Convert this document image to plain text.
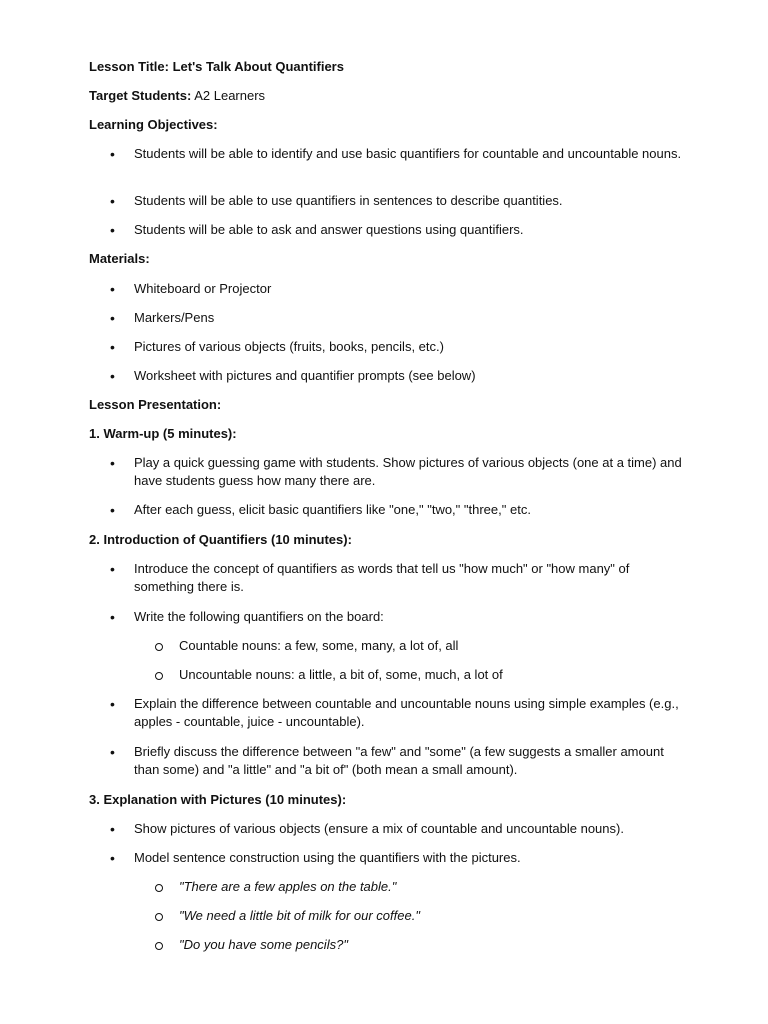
Lesson Title: Let's Talk About Quantifiers
Target Students: A2 Learners
Learning Objectives:
• Students will be able to identify and use basic quantifiers for countable and uncountable nouns.
• Students will be able to use quantifiers in sentences to describe quantities.
• Students will be able to ask and answer questions using quantifiers.
Materials:
• Whiteboard or Projector
• Markers/Pens
• Pictures of various objects (fruits, books, pencils, etc.)
• Worksheet with pictures and quantifier prompts (see below)
Lesson Presentation:
1. Warm-up (5 minutes):
• Play a quick guessing game with students. Show pictures of various objects (one at a time) and have students guess how many there are.
• After each guess, elicit basic quantifiers like "one," "two," "three," etc.
2. Introduction of Quantifiers (10 minutes):
• Introduce the concept of quantifiers as words that tell us "how much" or "how many" of something there is.
• Write the following quantifiers on the board:
Countable nouns: a few, some, many, a lot of, all
Uncountable nouns: a little, a bit of, some, much, a lot of
• Explain the difference between countable and uncountable nouns using simple examples (e.g., apples - countable, juice - uncountable).
• Briefly discuss the difference between "a few" and "some" (a few suggests a smaller amount than some) and "a little" and "a bit of" (both mean a small amount).
3. Explanation with Pictures (10 minutes):
• Show pictures of various objects (ensure a mix of countable and uncountable nouns).
• Model sentence construction using the quantifiers with the pictures.
"There are a few apples on the table."
"We need a little bit of milk for our coffee."
"Do you have some pencils?"
